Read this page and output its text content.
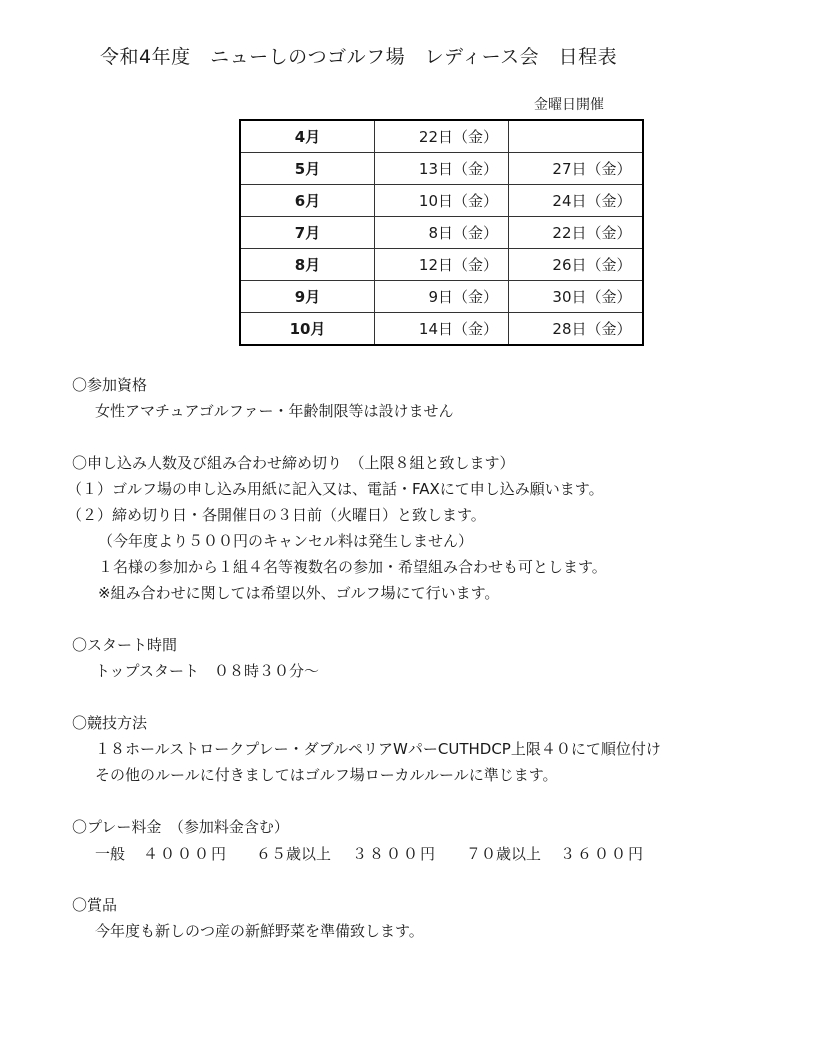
令和4年度　ニューしのつゴルフ場　レディース会　日程表
金曜日開催
4月	22日（金）	
5月	13日（金）	27日（金）
6月	10日（金）	24日（金）
7月	8日（金）	22日（金）
8月	12日（金）	26日（金）
9月	9日（金）	30日（金）
10月	14日（金）	28日（金）
〇参加資格
女性アマチュアゴルファー・年齢制限等は設けません
〇申し込み人数及び組み合わせ締め切り　（上限８組と致します）
（１）ゴルフ場の申し込み用紙に記入又は、電話・FAXにて申し込み願います。
（２）締め切り日・各開催日の３日前（火曜日）と致します。
（今年度より５００円のキャンセル料は発生しません）
１名様の参加から１組４名等複数名の参加・希望組み合わせも可とします。
※組み合わせに関しては希望以外、ゴルフ場にて行います。
〇スタート時間
トップスタート　０８時３０分～
〇競技方法
１８ホールストロークプレー・ダブルペリアWパーCUTHDCP上限４０にて順位付け
その他のルールに付きましてはゴルフ場ローカルルールに準じます。
〇プレー料金　（参加料金含む）
一般 ４０００円 ６５歳以上 ３８００円 ７０歳以上 ３６００円
〇賞品
今年度も新しのつ産の新鮮野菜を準備致します。
